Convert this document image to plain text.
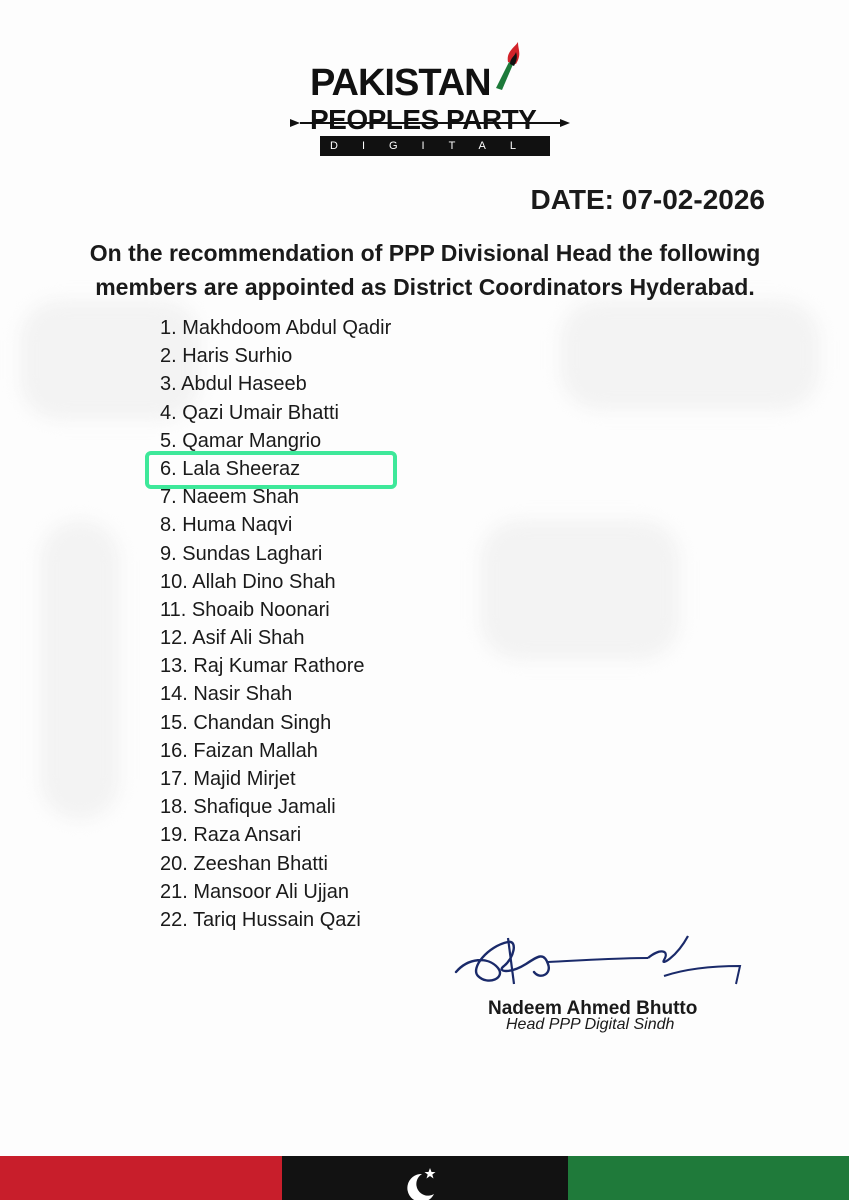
PAKISTAN
PEOPLES PARTY
DIGITAL
DATE: 07-02-2026
On the recommendation of PPP Divisional Head the following members are appointed as District Coordinators Hyderabad.
1. Makhdoom Abdul Qadir
2. Haris Surhio
3. Abdul Haseeb
4. Qazi Umair Bhatti
5. Qamar Mangrio
6. Lala Sheeraz
7. Naeem Shah
8. Huma Naqvi
9. Sundas Laghari
10. Allah Dino Shah
11. Shoaib Noonari
12. Asif Ali Shah
13. Raj Kumar Rathore
14. Nasir Shah
15. Chandan Singh
16. Faizan Mallah
17. Majid Mirjet
18. Shafique Jamali
19. Raza Ansari
20. Zeeshan Bhatti
21. Mansoor Ali Ujjan
22. Tariq Hussain Qazi
Nadeem Ahmed Bhutto
Head PPP Digital Sindh
